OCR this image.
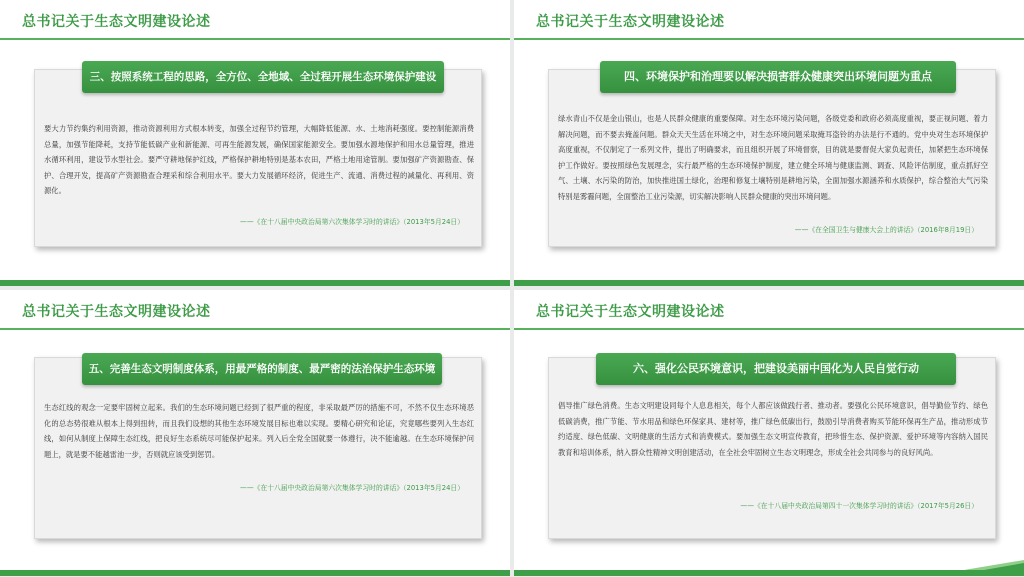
总书记关于生态文明建设论述
三、按照系统工程的思路，全方位、全地域、全过程开展生态环境保护建设

要大力节约集约利用资源，推动资源利用方式根本转变，加强全过程节约管理，大幅降低能源、水、土地消耗强度。要控制能源消费总量，加强节能降耗，支持节能低碳产业和新能源、可再生能源发展，确保国家能源安全。要加强水源地保护和用水总量管理，推进水循环利用，建设节水型社会。要严守耕地保护红线，严格保护耕地特别是基本农田，严格土地用途管制。要加强矿产资源勘查、保护、合理开发，提高矿产资源勘查合理采和综合利用水平。要大力发展循环经济，促进生产、流通、消费过程的减量化、再利用、资源化。

——《在十八届中央政治局第六次集体学习时的讲话》（2013年5月24日）
总书记关于生态文明建设论述
四、环境保护和治理要以解决损害群众健康突出环境问题为重点

绿水青山不仅是金山银山，也是人民群众健康的重要保障。对生态环境污染问题，各级党委和政府必须高度重视，要正视问题、着力解决问题，而不要去掩盖问题。群众天天生活在环境之中，对生态环境问题采取掩耳盗铃的办法是行不通的。党中央对生态环境保护高度重视，不仅制定了一系列文件，提出了明确要求，而且组织开展了环境督察，目的就是要督促大家负起责任，加紧把生态环境保护工作做好。要按照绿色发展理念，实行最严格的生态环境保护制度，建立健全环境与健康监测、调查、风险评估制度，重点抓好空气、土壤、水污染的防治，加快推进国土绿化，治理和修复土壤特别是耕地污染，全面加强水源涵养和水质保护，综合整治大气污染特别是雾霾问题，全面整治工业污染源，切实解决影响人民群众健康的突出环境问题。

——《在全国卫生与健康大会上的讲话》（2016年8月19日）
总书记关于生态文明建设论述
五、完善生态文明制度体系，用最严格的制度、最严密的法治保护生态环境

生态红线的观念一定要牢固树立起来。我们的生态环境问题已经到了很严重的程度，非采取最严厉的措施不可，不然不仅生态环境恶化的总态势很难从根本上得到扭转，而且我们设想的其他生态环境发展目标也难以实现。要精心研究和论证，究竟哪些要列入生态红线，如何从制度上保障生态红线，把良好生态系统尽可能保护起来。列入后全党全国就要一体遵行，决不能逾越。在生态环境保护问题上，就是要不能越雷池一步，否则就应该受到惩罚。

——《在十八届中央政治局第六次集体学习时的讲话》（2013年5月24日）
总书记关于生态文明建设论述
六、强化公民环境意识，把建设美丽中国化为人民自觉行动

倡导推广绿色消费。生态文明建设同每个人息息相关，每个人都应该做践行者、推动者。要强化公民环境意识，倡导勤俭节约、绿色低碳消费，推广节能、节水用品和绿色环保家具、建材等，推广绿色低碳出行，鼓励引导消费者购买节能环保再生产品，推动形成节约适度、绿色低碳、文明健康的生活方式和消费模式。要加强生态文明宣传教育，把珍惜生态、保护资源、爱护环境等内容纳入国民教育和培训体系，纳入群众性精神文明创建活动，在全社会牢固树立生态文明理念，形成全社会共同参与的良好风尚。

——《在十八届中央政治局第四十一次集体学习时的讲话》（2017年5月26日）
